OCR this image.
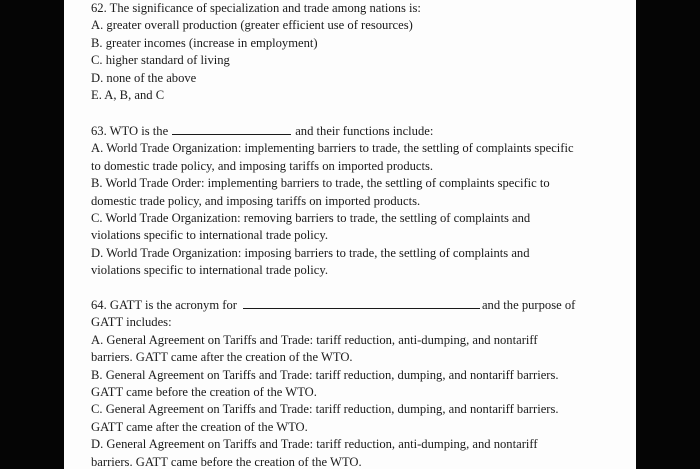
62. The significance of specialization and trade among nations is:
A. greater overall production (greater efficient use of resources)
B. greater incomes (increase in employment)
C. higher standard of living
D. none of the above
E. A, B, and C
63. WTO is the	and their functions include:
A. World Trade Organization: implementing barriers to trade, the settling of complaints specific
to domestic trade policy, and imposing tariffs on imported products.
B. World Trade Order: implementing barriers to trade, the settling of complaints specific to
domestic trade policy, and imposing tariffs on imported products.
C. World Trade Organization: removing barriers to trade, the settling of complaints and
violations specific to international trade policy.
D. World Trade Organization: imposing barriers to trade, the settling of complaints and
violations specific to international trade policy.
64. GATT is the acronym for	and the purpose of
GATT includes:
A. General Agreement on Tariffs and Trade: tariff reduction, anti-dumping, and nontariff
barriers. GATT came after the creation of the WTO.
B. General Agreement on Tariffs and Trade: tariff reduction, dumping, and nontariff barriers.
GATT came before the creation of the WTO.
C. General Agreement on Tariffs and Trade: tariff reduction, dumping, and nontariff barriers.
GATT came after the creation of the WTO.
D. General Agreement on Tariffs and Trade: tariff reduction, anti-dumping, and nontariff
barriers. GATT came before the creation of the WTO.
